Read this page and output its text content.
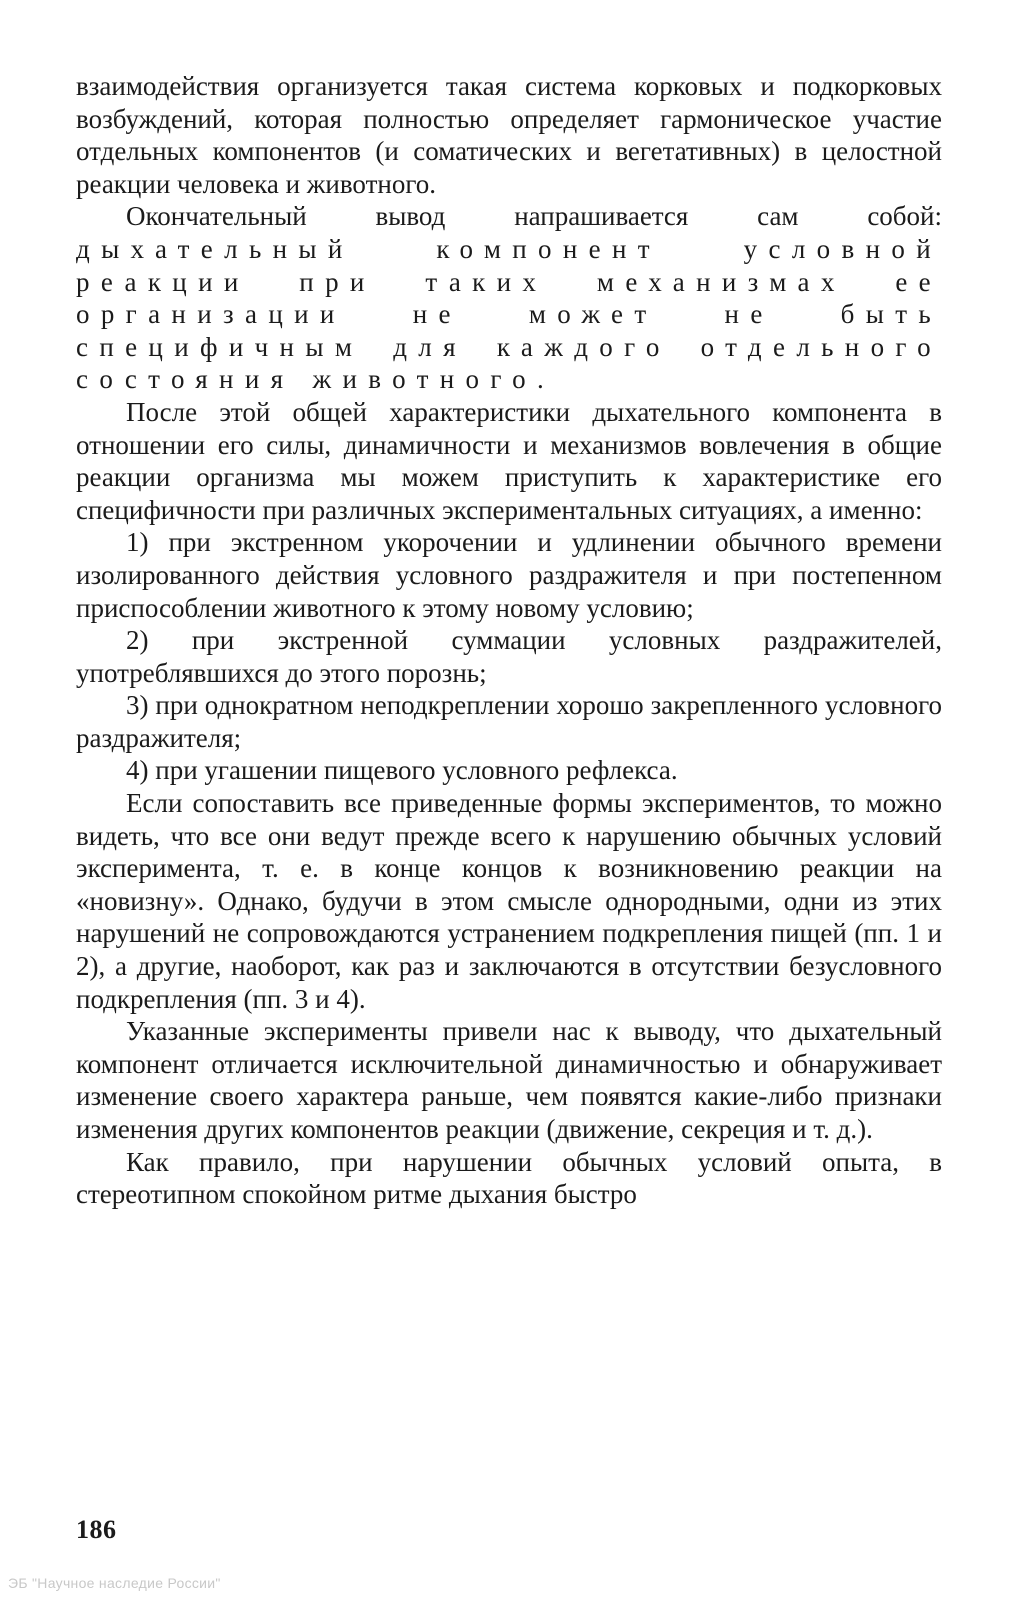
взаимодействия организуется такая система корковых и подкорковых возбуждений, которая полностью определяет гармоническое участие отдельных компонентов (и соматических и вегетативных) в целостной реакции человека и животного.

Окончательный вывод напрашивается сам собой: дыхательный компонент условной реакции при таких механизмах ее организации не может не быть специфичным для каждого отдельного состояния животного.

После этой общей характеристики дыхательного компонента в отношении его силы, динамичности и механизмов вовлечения в общие реакции организма мы можем приступить к характеристике его специфичности при различных экспериментальных ситуациях, а именно:

1) при экстренном укорочении и удлинении обычного времени изолированного действия условного раздражителя и при постепенном приспособлении животного к этому новому условию;

2) при экстренной суммации условных раздражителей, употреблявшихся до этого порознь;

3) при однократном неподкреплении хорошо закрепленного условного раздражителя;

4) при угашении пищевого условного рефлекса.

Если сопоставить все приведенные формы экспериментов, то можно видеть, что все они ведут прежде всего к нарушению обычных условий эксперимента, т. е. в конце концов к возникновению реакции на «новизну». Однако, будучи в этом смысле однородными, одни из этих нарушений не сопровождаются устранением подкрепления пищей (пп. 1 и 2), а другие, наоборот, как раз и заключаются в отсутствии безусловного подкрепления (пп. 3 и 4).

Указанные эксперименты привели нас к выводу, что дыхательный компонент отличается исключительной динамичностью и обнаруживает изменение своего характера раньше, чем появятся какие-либо признаки изменения других компонентов реакции (движение, секреция и т. д.).

Как правило, при нарушении обычных условий опыта, в стереотипном спокойном ритме дыхания быстро

186
ЭБ "Научное наследие России"
